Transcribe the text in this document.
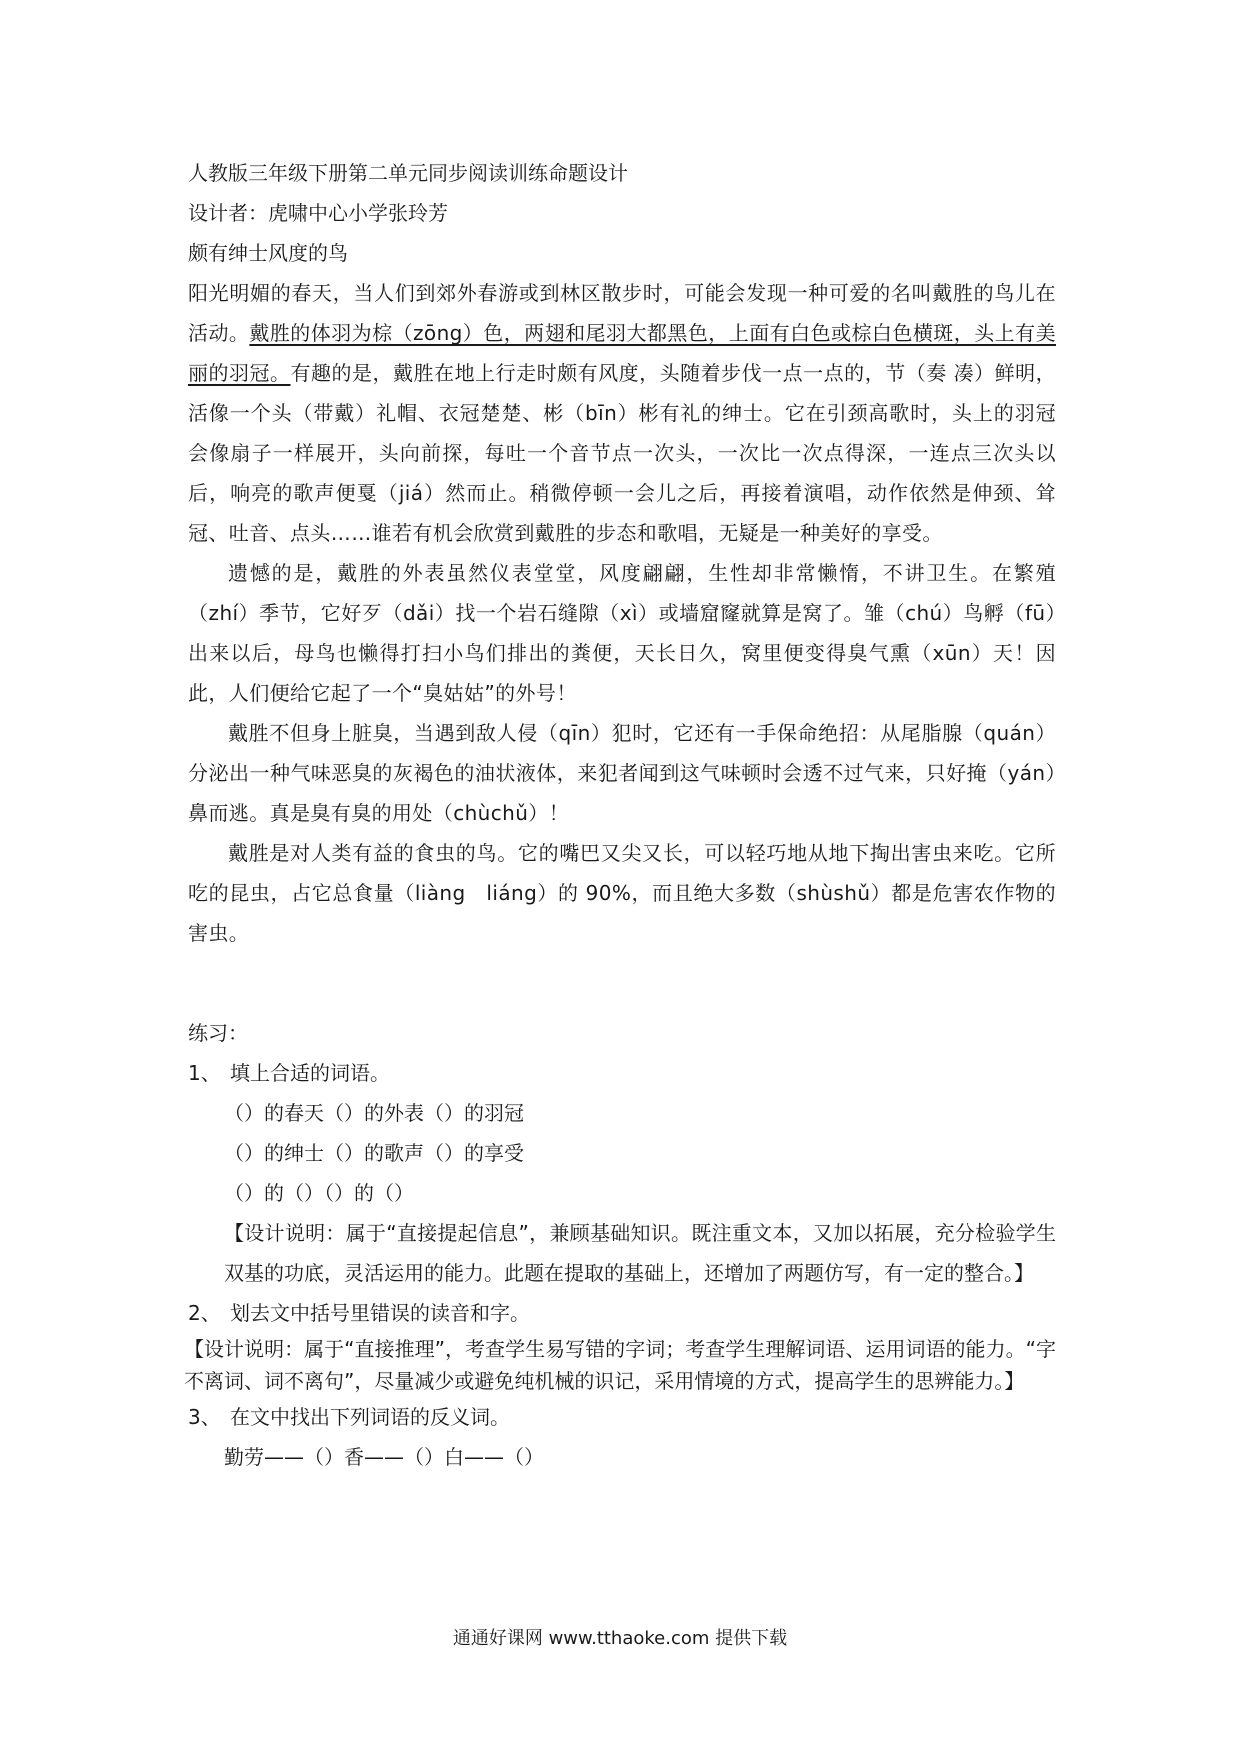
人教版三年级下册第二单元同步阅读训练命题设计

设计者：虎啸中心小学张玲芳

颇有绅士风度的鸟

阳光明媚的春天，当人们到郊外春游或到林区散步时，可能会发现一种可爱的名叫戴胜的鸟儿在活动。戴胜的体羽为棕（zōng）色，两翅和尾羽大都黑色，上面有白色或棕白色横斑，头上有美丽的羽冠。有趣的是，戴胜在地上行走时颇有风度，头随着步伐一点一点的，节（奏 凑）鲜明，活像一个头（带戴）礼帽、衣冠楚楚、彬（bīn）彬有礼的绅士。它在引颈高歌时，头上的羽冠会像扇子一样展开，头向前探，每吐一个音节点一次头，一次比一次点得深，一连点三次头以后，响亮的歌声便戛（jiá）然而止。稍微停顿一会儿之后，再接着演唱，动作依然是伸颈、耸冠、吐音、点头……谁若有机会欣赏到戴胜的步态和歌唱，无疑是一种美好的享受。

遗憾的是，戴胜的外表虽然仪表堂堂，风度翩翩，生性却非常懒惰，不讲卫生。在繁殖（zhí）季节，它好歹（dǎi）找一个岩石缝隙（xì）或墙窟窿就算是窝了。雏（chú）鸟孵（fū）出来以后，母鸟也懒得打扫小鸟们排出的粪便，天长日久，窝里便变得臭气熏（xūn）天！因此，人们便给它起了一个“臭姑姑”的外号！

戴胜不但身上脏臭，当遇到敌人侵（qīn）犯时，它还有一手保命绝招：从尾脂腺（quán）分泌出一种气味恶臭的灰褐色的油状液体，来犯者闻到这气味顿时会透不过气来，只好掩（yán）鼻而逃。真是臭有臭的用处（chùchǔ）！

戴胜是对人类有益的食虫的鸟。它的嘴巴又尖又长，可以轻巧地从地下掏出害虫来吃。它所吃的昆虫，占它总食量（liàng　liáng）的 90%，而且绝大多数（shùshǔ）都是危害农作物的害虫。

练习：

1、 填上合适的词语。

（）的春天（）的外表（）的羽冠

（）的绅士（）的歌声（）的享受

（）的（）（）的（）

【设计说明：属于“直接提起信息”，兼顾基础知识。既注重文本，又加以拓展，充分检验学生双基的功底，灵活运用的能力。此题在提取的基础上，还增加了两题仿写，有一定的整合。】

2、 划去文中括号里错误的读音和字。

【设计说明：属于“直接推理”，考查学生易写错的字词；考查学生理解词语、运用词语的能力。“字不离词、词不离句”，尽量减少或避免纯机械的识记，采用情境的方式，提高学生的思辨能力。】

3、 在文中找出下列词语的反义词。

勤劳——（）香——（）白——（）

通通好课网 www.tthaoke.com 提供下载
